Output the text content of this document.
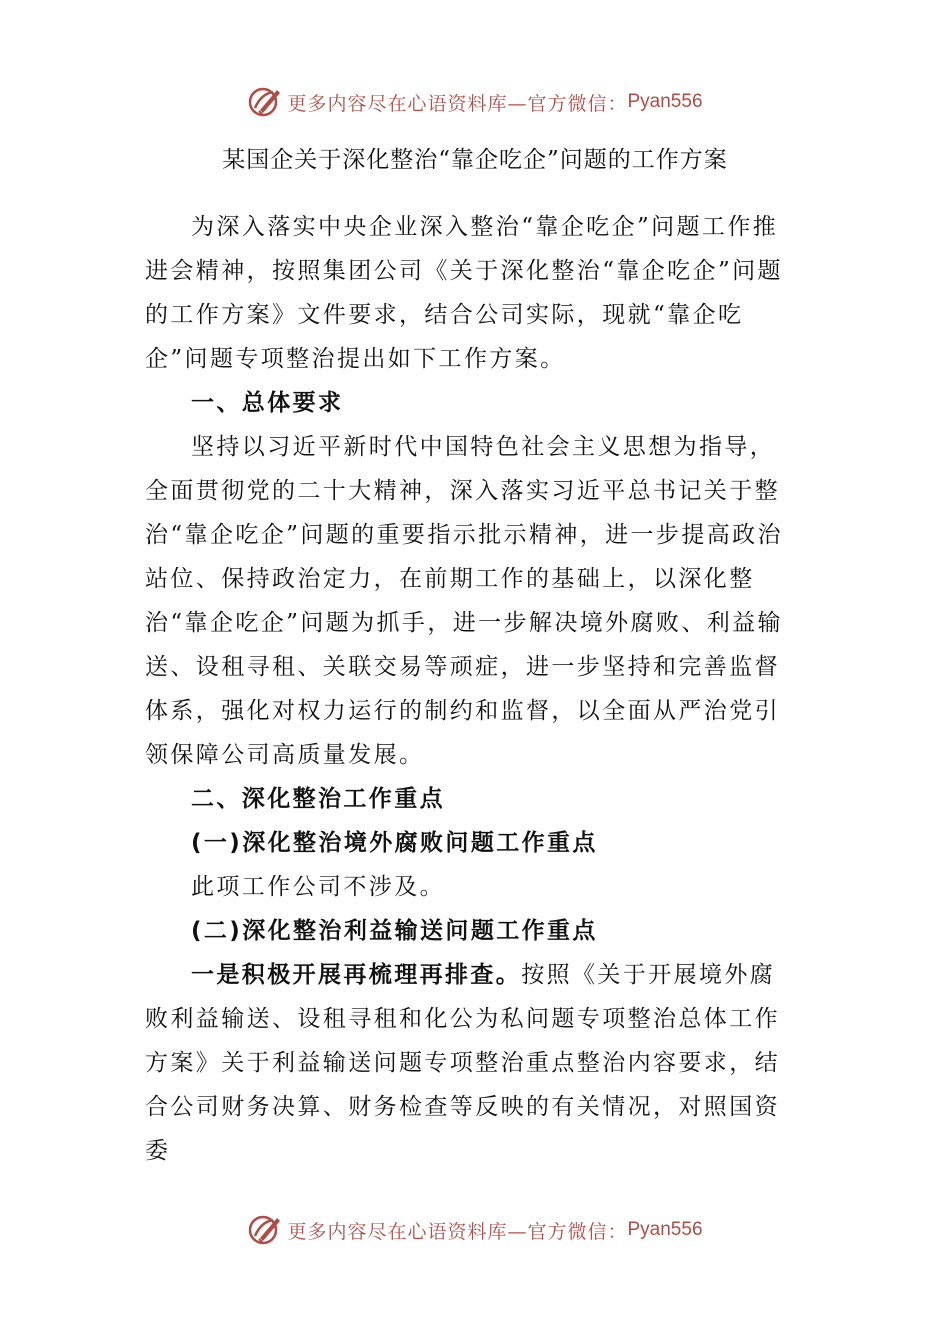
更多内容尽在心语资料库—官方微信： Pyan556
某国企关于深化整治“靠企吃企”问题的工作方案

为深入落实中央企业深入整治“靠企吃企”问题工作推进会精神，按照集团公司《关于深化整治“靠企吃企”问题的工作方案》文件要求，结合公司实际，现就“靠企吃企”问题专项整治提出如下工作方案。

一、总体要求

坚持以习近平新时代中国特色社会主义思想为指导，全面贯彻党的二十大精神，深入落实习近平总书记关于整治“靠企吃企”问题的重要指示批示精神，进一步提高政治站位、保持政治定力，在前期工作的基础上，以深化整治“靠企吃企”问题为抓手，进一步解决境外腐败、利益输送、设租寻租、关联交易等顽症，进一步坚持和完善监督体系，强化对权力运行的制约和监督，以全面从严治党引领保障公司高质量发展。

二、深化整治工作重点

(一)深化整治境外腐败问题工作重点

此项工作公司不涉及。

(二)深化整治利益输送问题工作重点

一是积极开展再梳理再排查。按照《关于开展境外腐败利益输送、设租寻租和化公为私问题专项整治总体工作方案》关于利益输送问题专项整治重点整治内容要求，结合公司财务决算、财务检查等反映的有关情况，对照国资委

更多内容尽在心语资料库—官方微信： Pyan556
